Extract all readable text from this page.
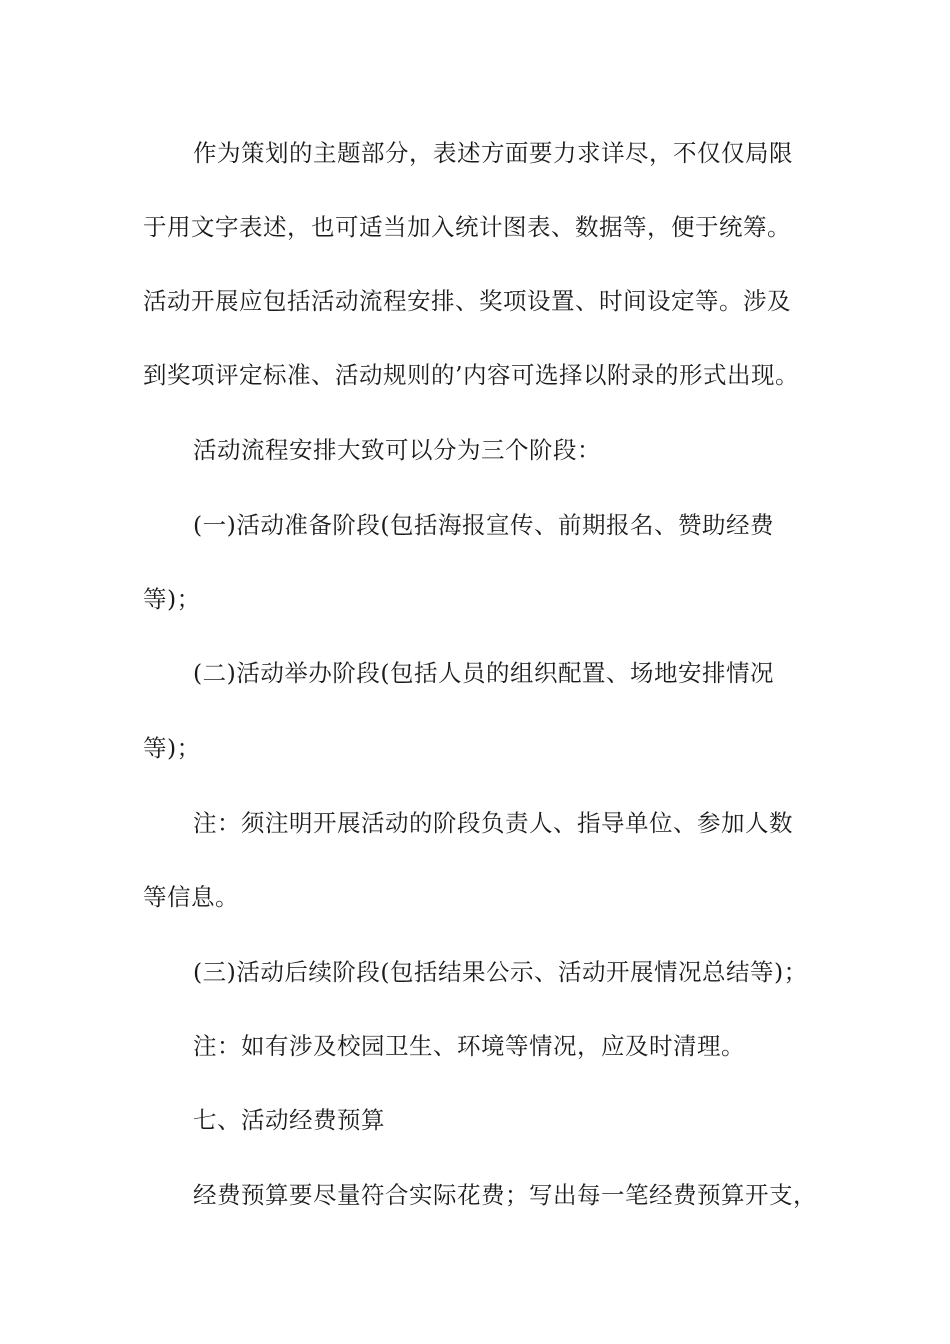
作为策划的主题部分，表述方面要力求详尽，不仅仅局限
于用文字表述，也可适当加入统计图表、数据等，便于统筹。
活动开展应包括活动流程安排、奖项设置、时间设定等。涉及
到奖项评定标准、活动规则的’内容可选择以附录的形式出现。
活动流程安排大致可以分为三个阶段：
(一)活动准备阶段(包括海报宣传、前期报名、赞助经费
等)；
(二)活动举办阶段(包括人员的组织配置、场地安排情况
等)；
注：须注明开展活动的阶段负责人、指导单位、参加人数
等信息。
(三)活动后续阶段(包括结果公示、活动开展情况总结等)；
注：如有涉及校园卫生、环境等情况，应及时清理。
七、活动经费预算
经费预算要尽量符合实际花费；写出每一笔经费预算开支，
